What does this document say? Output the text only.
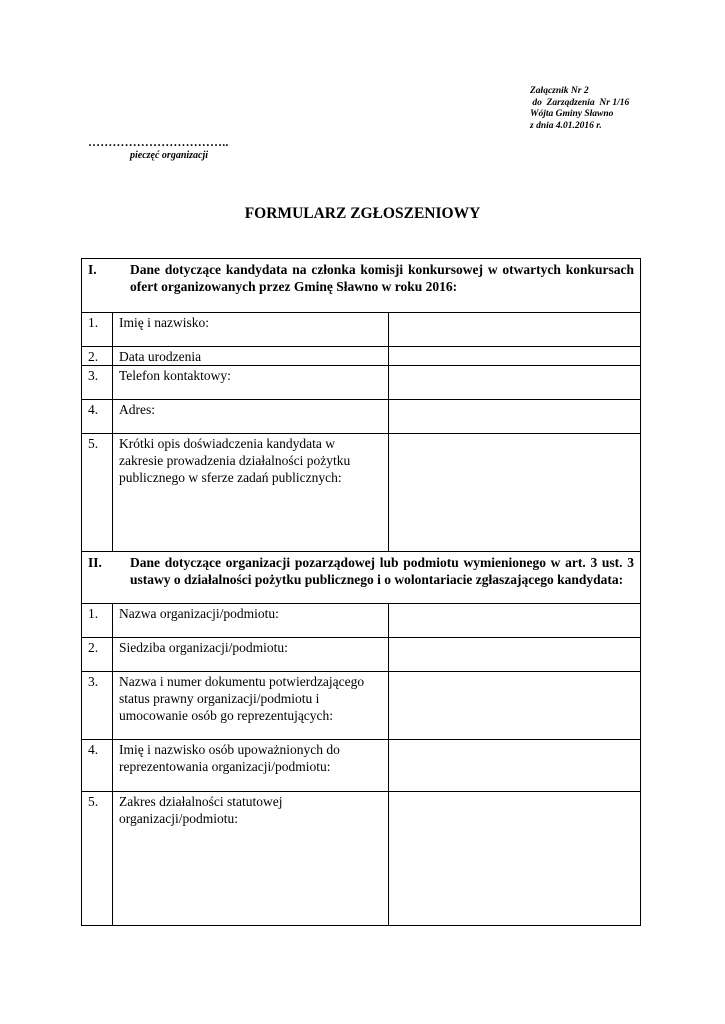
Załącznik Nr 2
do  Zarządzenia  Nr 1/16
Wójta Gminy Sławno
z dnia 4.01.2016 r.
……………………………..
pieczęć organizacji
FORMULARZ ZGŁOSZENIOWY
I. Dane dotyczące kandydata na członka komisji konkursowej w otwartych konkursach ofert organizowanych przez Gminę Sławno w roku 2016:		

1.	Imię i nazwisko:	
2.	Data urodzenia	
3.	Telefon kontaktowy:	
4.	Adres:	
5.	Krótki opis doświadczenia kandydata w zakresie prowadzenia działalności pożytku publicznego w sferze zadań publicznych:	

II. Dane dotyczące organizacji pozarządowej lub podmiotu wymienionego w art. 3 ust. 3 ustawy o działalności pożytku publicznego i o wolontariacie zgłaszającego kandydata:		

1.	Nazwa organizacji/podmiotu:	
2.	Siedziba organizacji/podmiotu:	
3.	Nazwa i numer dokumentu potwierdzającego status prawny organizacji/podmiotu i umocowanie osób go reprezentujących:	
4.	Imię i nazwisko osób upoważnionych do reprezentowania organizacji/podmiotu:	
5.	Zakres działalności statutowej organizacji/podmiotu:	
